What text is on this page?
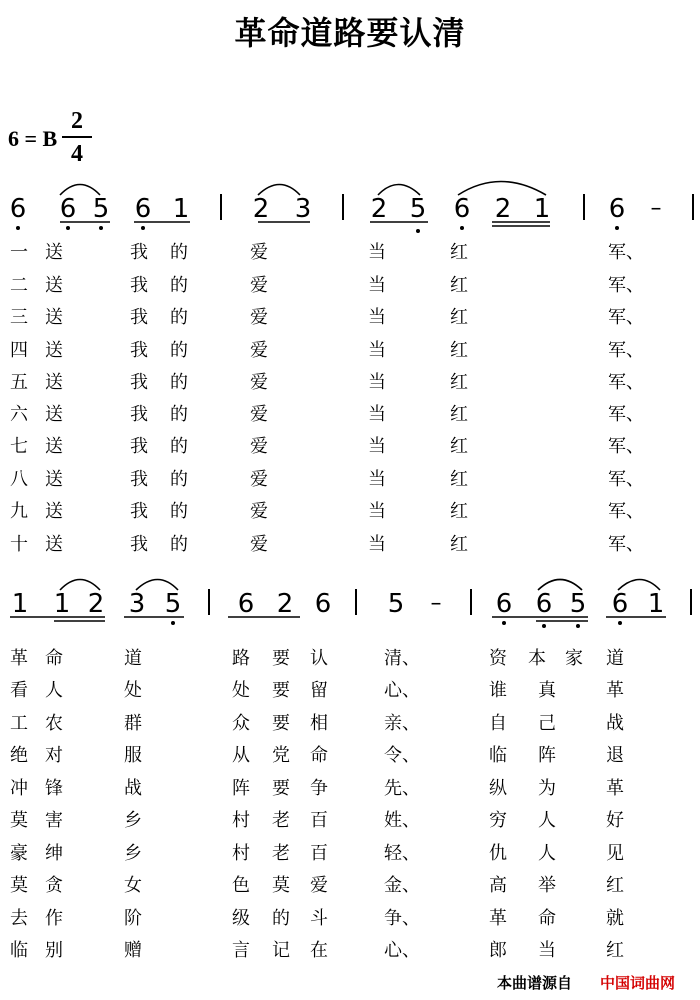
革命道路要认清
6 = B
2
4
6 6 5 6 1 2 3 2 5 6 2 1 6	–
一 送	我 的	爱	当	红	军、
二 送	我 的	爱	当	红	军、
三 送	我 的	爱	当	红	军、
四 送	我 的	爱	当	红	军、
五 送	我 的	爱	当	红	军、
六 送	我 的	爱	当	红	军、
七 送	我 的	爱	当	红	军、
八 送	我 的	爱	当	红	军、
九 送	我 的	爱	当	红	军、
十 送	我 的	爱	当	红	军、
1 1 2 3 5 6 2 6 5	– 6 6 5 6 1
革 命	道	路 要 认	清、	资 本 家 道
看 人	处	处 要 留	心、	谁 真	革
工 农	群	众 要 相	亲、	自 己	战
绝 对	服	从 党 命	令、	临 阵	退
冲 锋	战	阵 要 争	先、	纵 为	革
莫 害	乡	村 老 百	姓、	穷 人	好
豪 绅	乡	村 老 百	轻、	仇 人	见
莫 贪	女	色 莫 爱	金、	高 举	红
去 作	阶	级 的 斗	争、	革 命	就
临 别	赠	言 记 在	心、	郎 当	红
本曲谱源自 中国词曲网
